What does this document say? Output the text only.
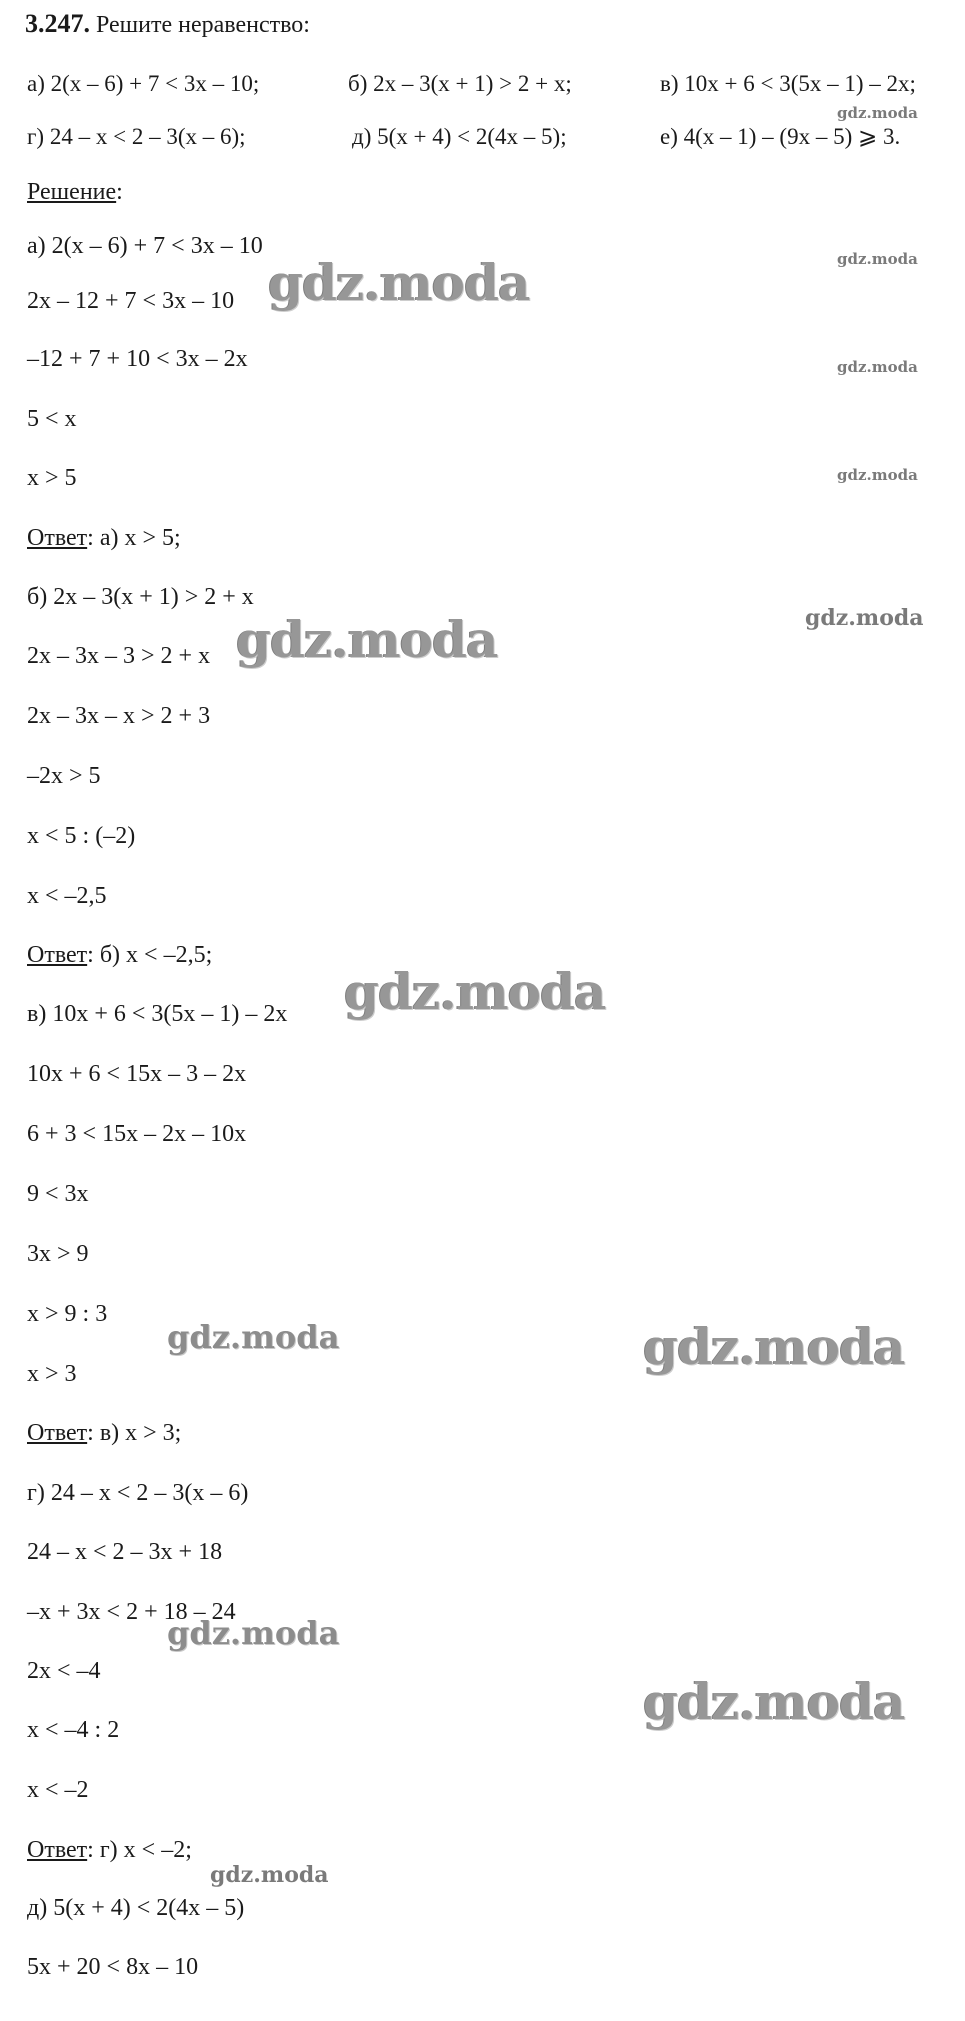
3.247. Решите неравенство:
а) 2(x – 6) + 7 < 3x – 10;	б) 2x – 3(x + 1) > 2 + x;	в) 10x + 6 < 3(5x – 1) – 2x;
г) 24 – x < 2 – 3(x – 6);	д) 5(x + 4) < 2(4x – 5);	е) 4(x – 1) – (9x – 5) ⩾ 3.
Решение:
а) 2(x – 6) + 7 < 3x – 10
2x – 12 + 7 < 3x – 10
–12 + 7 + 10 < 3x – 2x
5 < x
x > 5
Ответ: а) x > 5;
б) 2x – 3(x + 1) > 2 + x
2x – 3x – 3 > 2 + x
2x – 3x – x > 2 + 3
–2x > 5
x < 5 : (–2)
x < –2,5
Ответ: б) x < –2,5;
в) 10x + 6 < 3(5x – 1) – 2x
10x + 6 < 15x – 3 – 2x
6 + 3 < 15x – 2x – 10x
9 < 3x
3x > 9
x > 9 : 3
x > 3
Ответ: в) x > 3;
г) 24 – x < 2 – 3(x – 6)
24 – x < 2 – 3x + 18
–x + 3x < 2 + 18 – 24
2x < –4
x < –4 : 2
x < –2
Ответ: г) x < –2;
д) 5(x + 4) < 2(4x – 5)
5x + 20 < 8x – 10
gdz.moda
gdz.moda
gdz.moda
gdz.moda
gdz.moda
gdz.moda
gdz.moda
gdz.moda
gdz.moda	gdz.moda
gdz.moda
gdz.moda
gdz.moda
